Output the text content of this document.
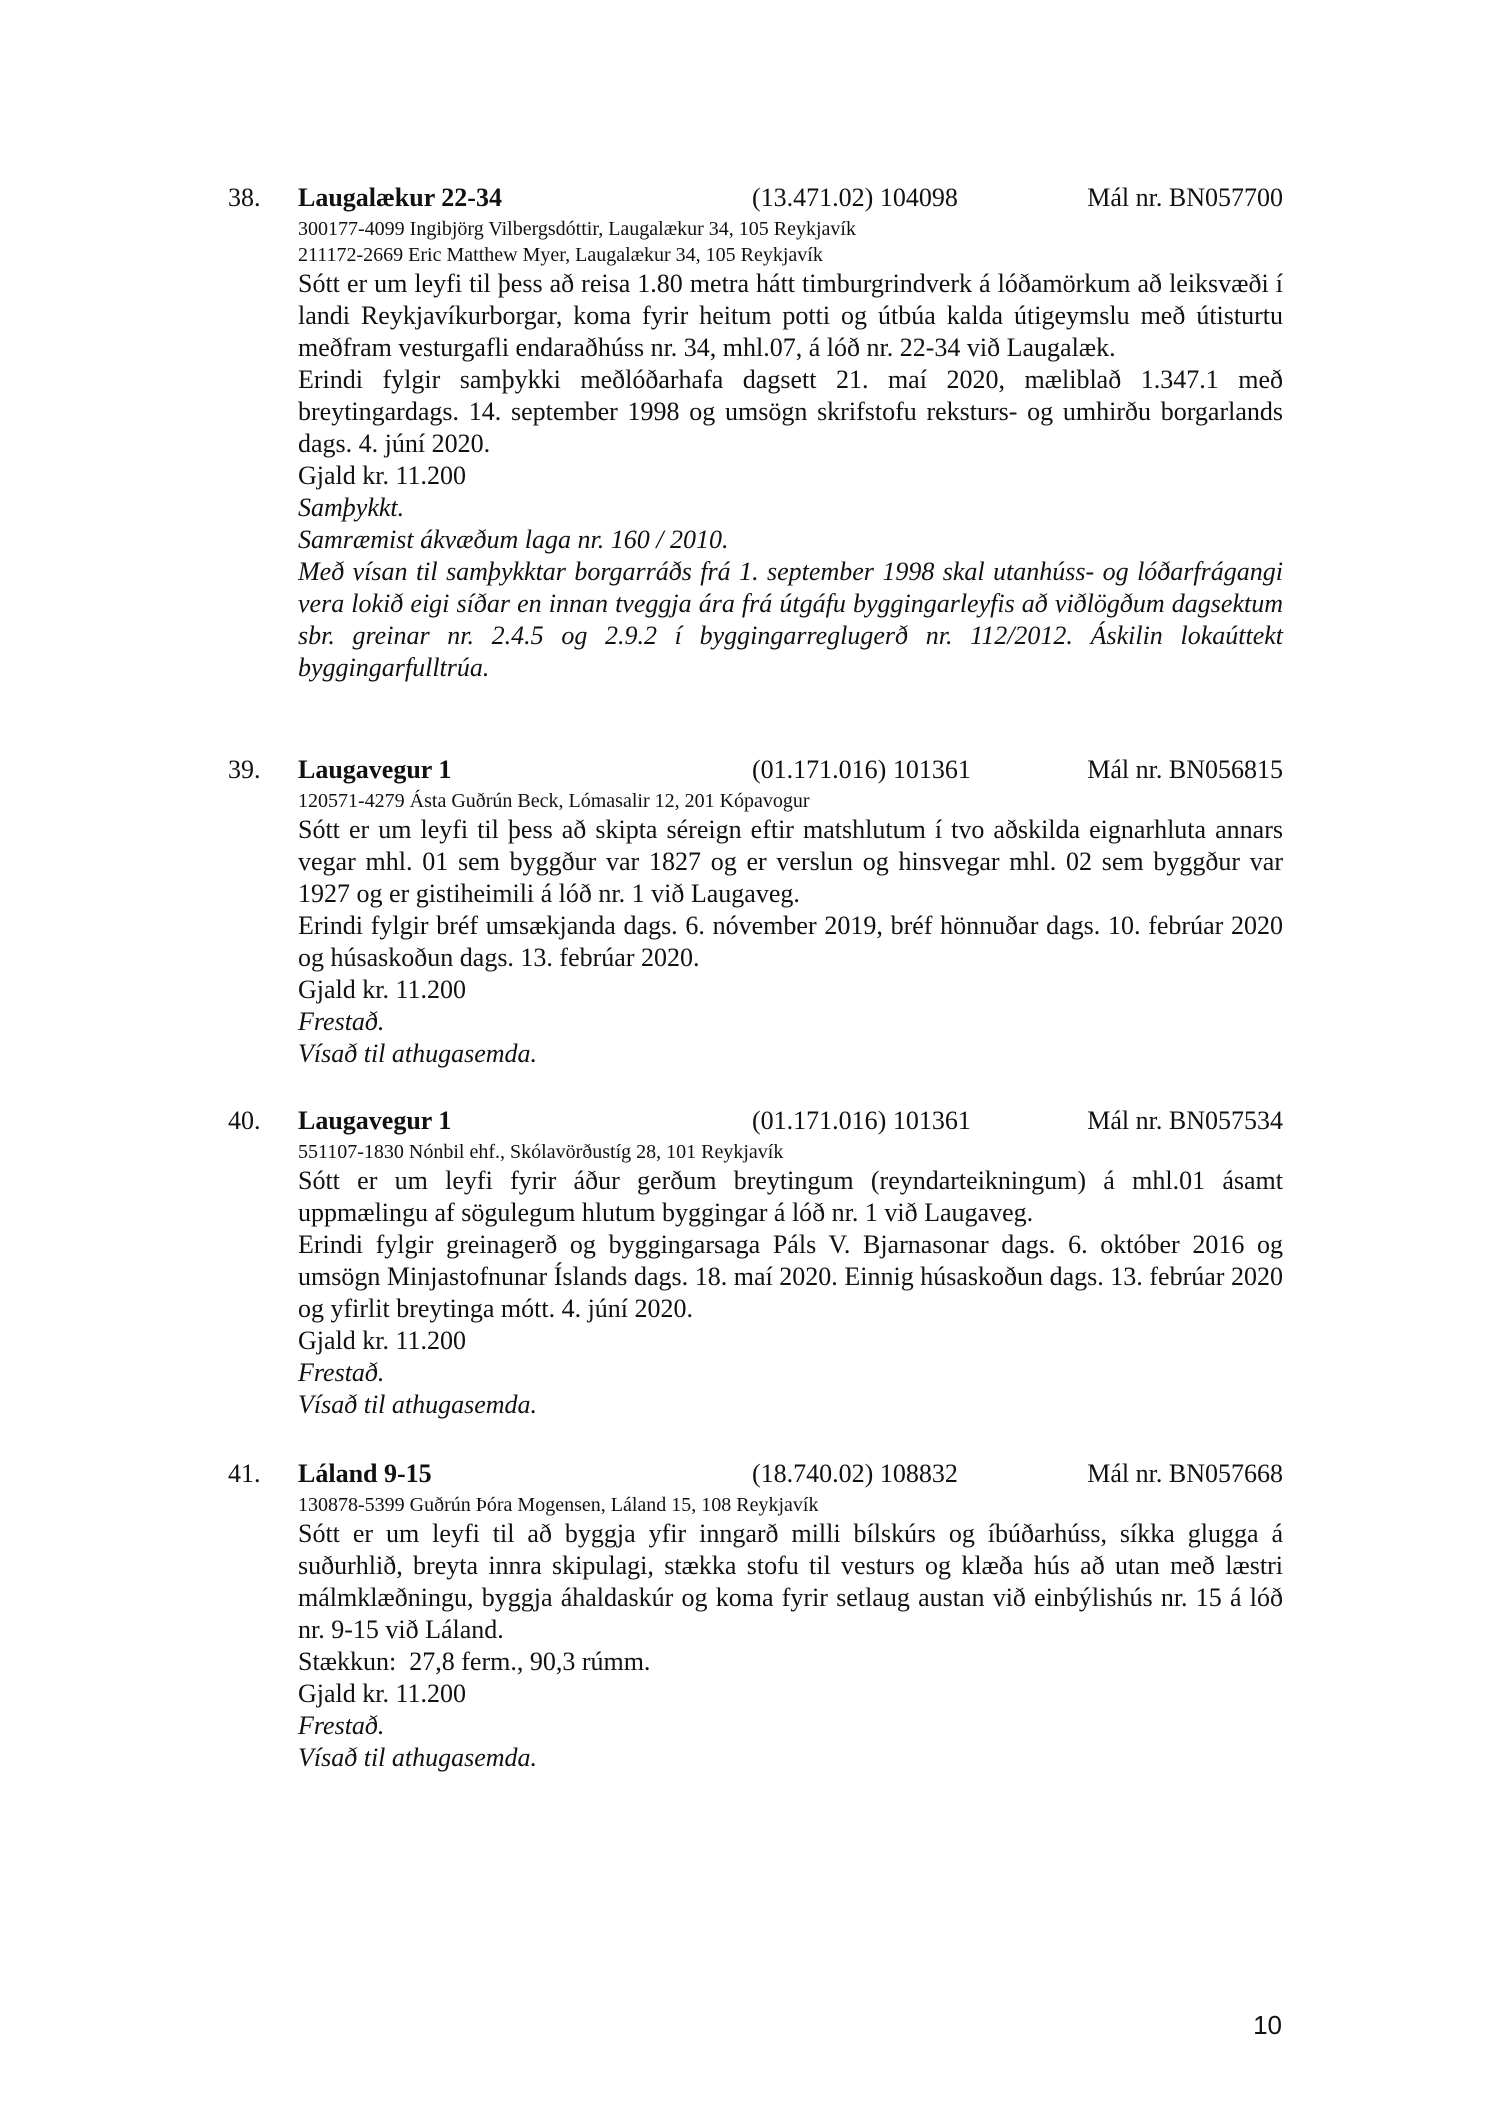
38. Laugalækur 22-34	(13.471.02) 104098	Mál nr. BN057700
300177-4099 Ingibjörg Vilbergsdóttir, Laugalækur 34, 105 Reykjavík
211172-2669 Eric Matthew Myer, Laugalækur 34, 105 Reykjavík

Sótt er um leyfi til þess að reisa 1.80 metra hátt timburgrindverk á lóðamörkum að leiksvæði í landi Reykjavíkurborgar, koma fyrir heitum potti og útbúa kalda útigeymslu með útisturtu meðfram vesturgafli endaraðhúss nr. 34, mhl.07, á lóð nr. 22-34 við Laugalæk.

Erindi fylgir samþykki meðlóðarhafa dagsett 21. maí 2020, mæliblað 1.347.1 með breytingardags. 14. september 1998 og umsögn skrifstofu reksturs- og umhirðu borgarlands dags. 4. júní 2020.

Gjald kr. 11.200
Samþykkt.
Samræmist ákvæðum laga nr. 160 / 2010.

Með vísan til samþykktar borgarráðs frá 1. september 1998 skal utanhúss- og lóðarfrágangi vera lokið eigi síðar en innan tveggja ára frá útgáfu byggingarleyfis að viðlögðum dagsektum sbr. greinar nr. 2.4.5 og 2.9.2 í byggingarreglugerð nr. 112/2012. Áskilin lokaúttekt byggingarfulltrúa.

39. Laugavegur 1	(01.171.016) 101361	Mál nr. BN056815
120571-4279 Ásta Guðrún Beck, Lómasalir 12, 201 Kópavogur

Sótt er um leyfi til þess að skipta séreign eftir matshlutum í tvo aðskilda eignarhluta annars vegar mhl. 01 sem byggður var 1827 og er verslun og hinsvegar mhl. 02 sem byggður var 1927 og er gistiheimili á lóð nr. 1 við Laugaveg.

Erindi fylgir bréf umsækjanda dags. 6. nóvember 2019, bréf hönnuðar dags. 10. febrúar 2020 og húsaskoðun dags. 13. febrúar 2020.

Gjald kr. 11.200
Frestað.
Vísað til athugasemda.
40. Laugavegur 1	(01.171.016) 101361	Mál nr. BN057534
551107-1830 Nónbil ehf., Skólavörðustíg 28, 101 Reykjavík

Sótt er um leyfi fyrir áður gerðum breytingum (reyndarteikningum) á mhl.01 ásamt uppmælingu af sögulegum hlutum byggingar á lóð nr. 1 við Laugaveg.

Erindi fylgir greinagerð og byggingarsaga Páls V. Bjarnasonar dags. 6. október 2016 og umsögn Minjastofnunar Íslands dags. 18. maí 2020. Einnig húsaskoðun dags. 13. febrúar 2020 og yfirlit breytinga mótt. 4. júní 2020.

Gjald kr. 11.200
Frestað.
Vísað til athugasemda.
41. Láland 9-15	(18.740.02) 108832	Mál nr. BN057668
130878-5399 Guðrún Þóra Mogensen, Láland 15, 108 Reykjavík

Sótt er um leyfi til að byggja yfir inngarð milli bílskúrs og íbúðarhúss, síkka glugga á suðurhlið, breyta innra skipulagi, stækka stofu til vesturs og klæða hús að utan með læstri málmklæðningu, byggja áhaldaskúr og koma fyrir setlaug austan við einbýlishús nr. 15 á lóð nr. 9-15 við Láland.

Stækkun:  27,8 ferm., 90,3 rúmm.
Gjald kr. 11.200
Frestað.
Vísað til athugasemda.
10
